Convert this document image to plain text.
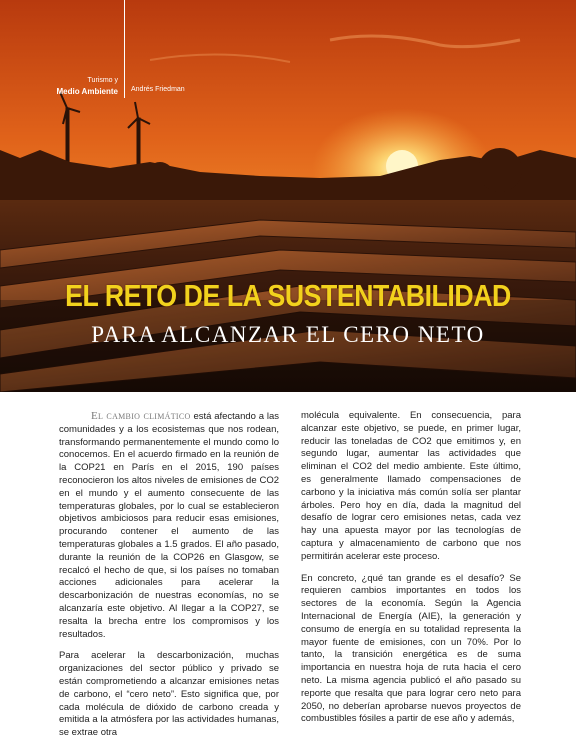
Turismo y
Medio Ambiente Andrés Friedman
EL RETO DE LA SUSTENTABILIDAD
PARA ALCANZAR EL CERO NETO

El cambio climático está afectando a las comunidades y a los ecosistemas que nos rodean, transformando permanentemente el mundo como lo conocemos. En el acuerdo firmado en la reunión de la COP21 en París en el 2015, 190 países reconocieron los altos niveles de emisiones de CO2 en el mundo y el aumento consecuente de las temperaturas globales, por lo cual se establecieron objetivos ambiciosos para reducir esas emisiones, procurando contener el aumento de las temperaturas globales a 1.5 grados. El año pasado, durante la reunión de la COP26 en Glasgow, se recalcó el hecho de que, si los países no tomaban acciones adicionales para acelerar la descarbonización de nuestras economías, no se alcanzaría este objetivo. Al llegar a la COP27, se resalta la brecha entre los compromisos y los resultados.

Para acelerar la descarbonización, muchas organizaciones del sector público y privado se están comprometiendo a alcanzar emisiones netas de carbono, el “cero neto”. Esto significa que, por cada molécula de dióxido de carbono creada y emitida a la atmósfera por las actividades humanas, se extrae otra

molécula equivalente. En consecuencia, para alcanzar este objetivo, se puede, en primer lugar, reducir las toneladas de CO2 que emitimos y, en segundo lugar, aumentar las actividades que eliminan el CO2 del medio ambiente. Este último, es generalmente llamado compensaciones de carbono y la iniciativa más común solía ser plantar árboles. Pero hoy en día, dada la magnitud del desafío de lograr cero emisiones netas, cada vez hay una apuesta mayor por las tecnologías de captura y almacenamiento de carbono que nos permitirán acelerar este proceso.

En concreto, ¿qué tan grande es el desafío? Se requieren cambios importantes en todos los sectores de la economía. Según la Agencia Internacional de Energía (AIE), la generación y consumo de energía en su totalidad representa la mayor fuente de emisiones, con un 70%. Por lo tanto, la transición energética es de suma importancia en nuestra hoja de ruta hacia el cero neto. La misma agencia publicó el año pasado su reporte que resalta que para lograr cero neto para 2050, no deberían aprobarse nuevos proyectos de combustibles fósiles a partir de ese año y además,
